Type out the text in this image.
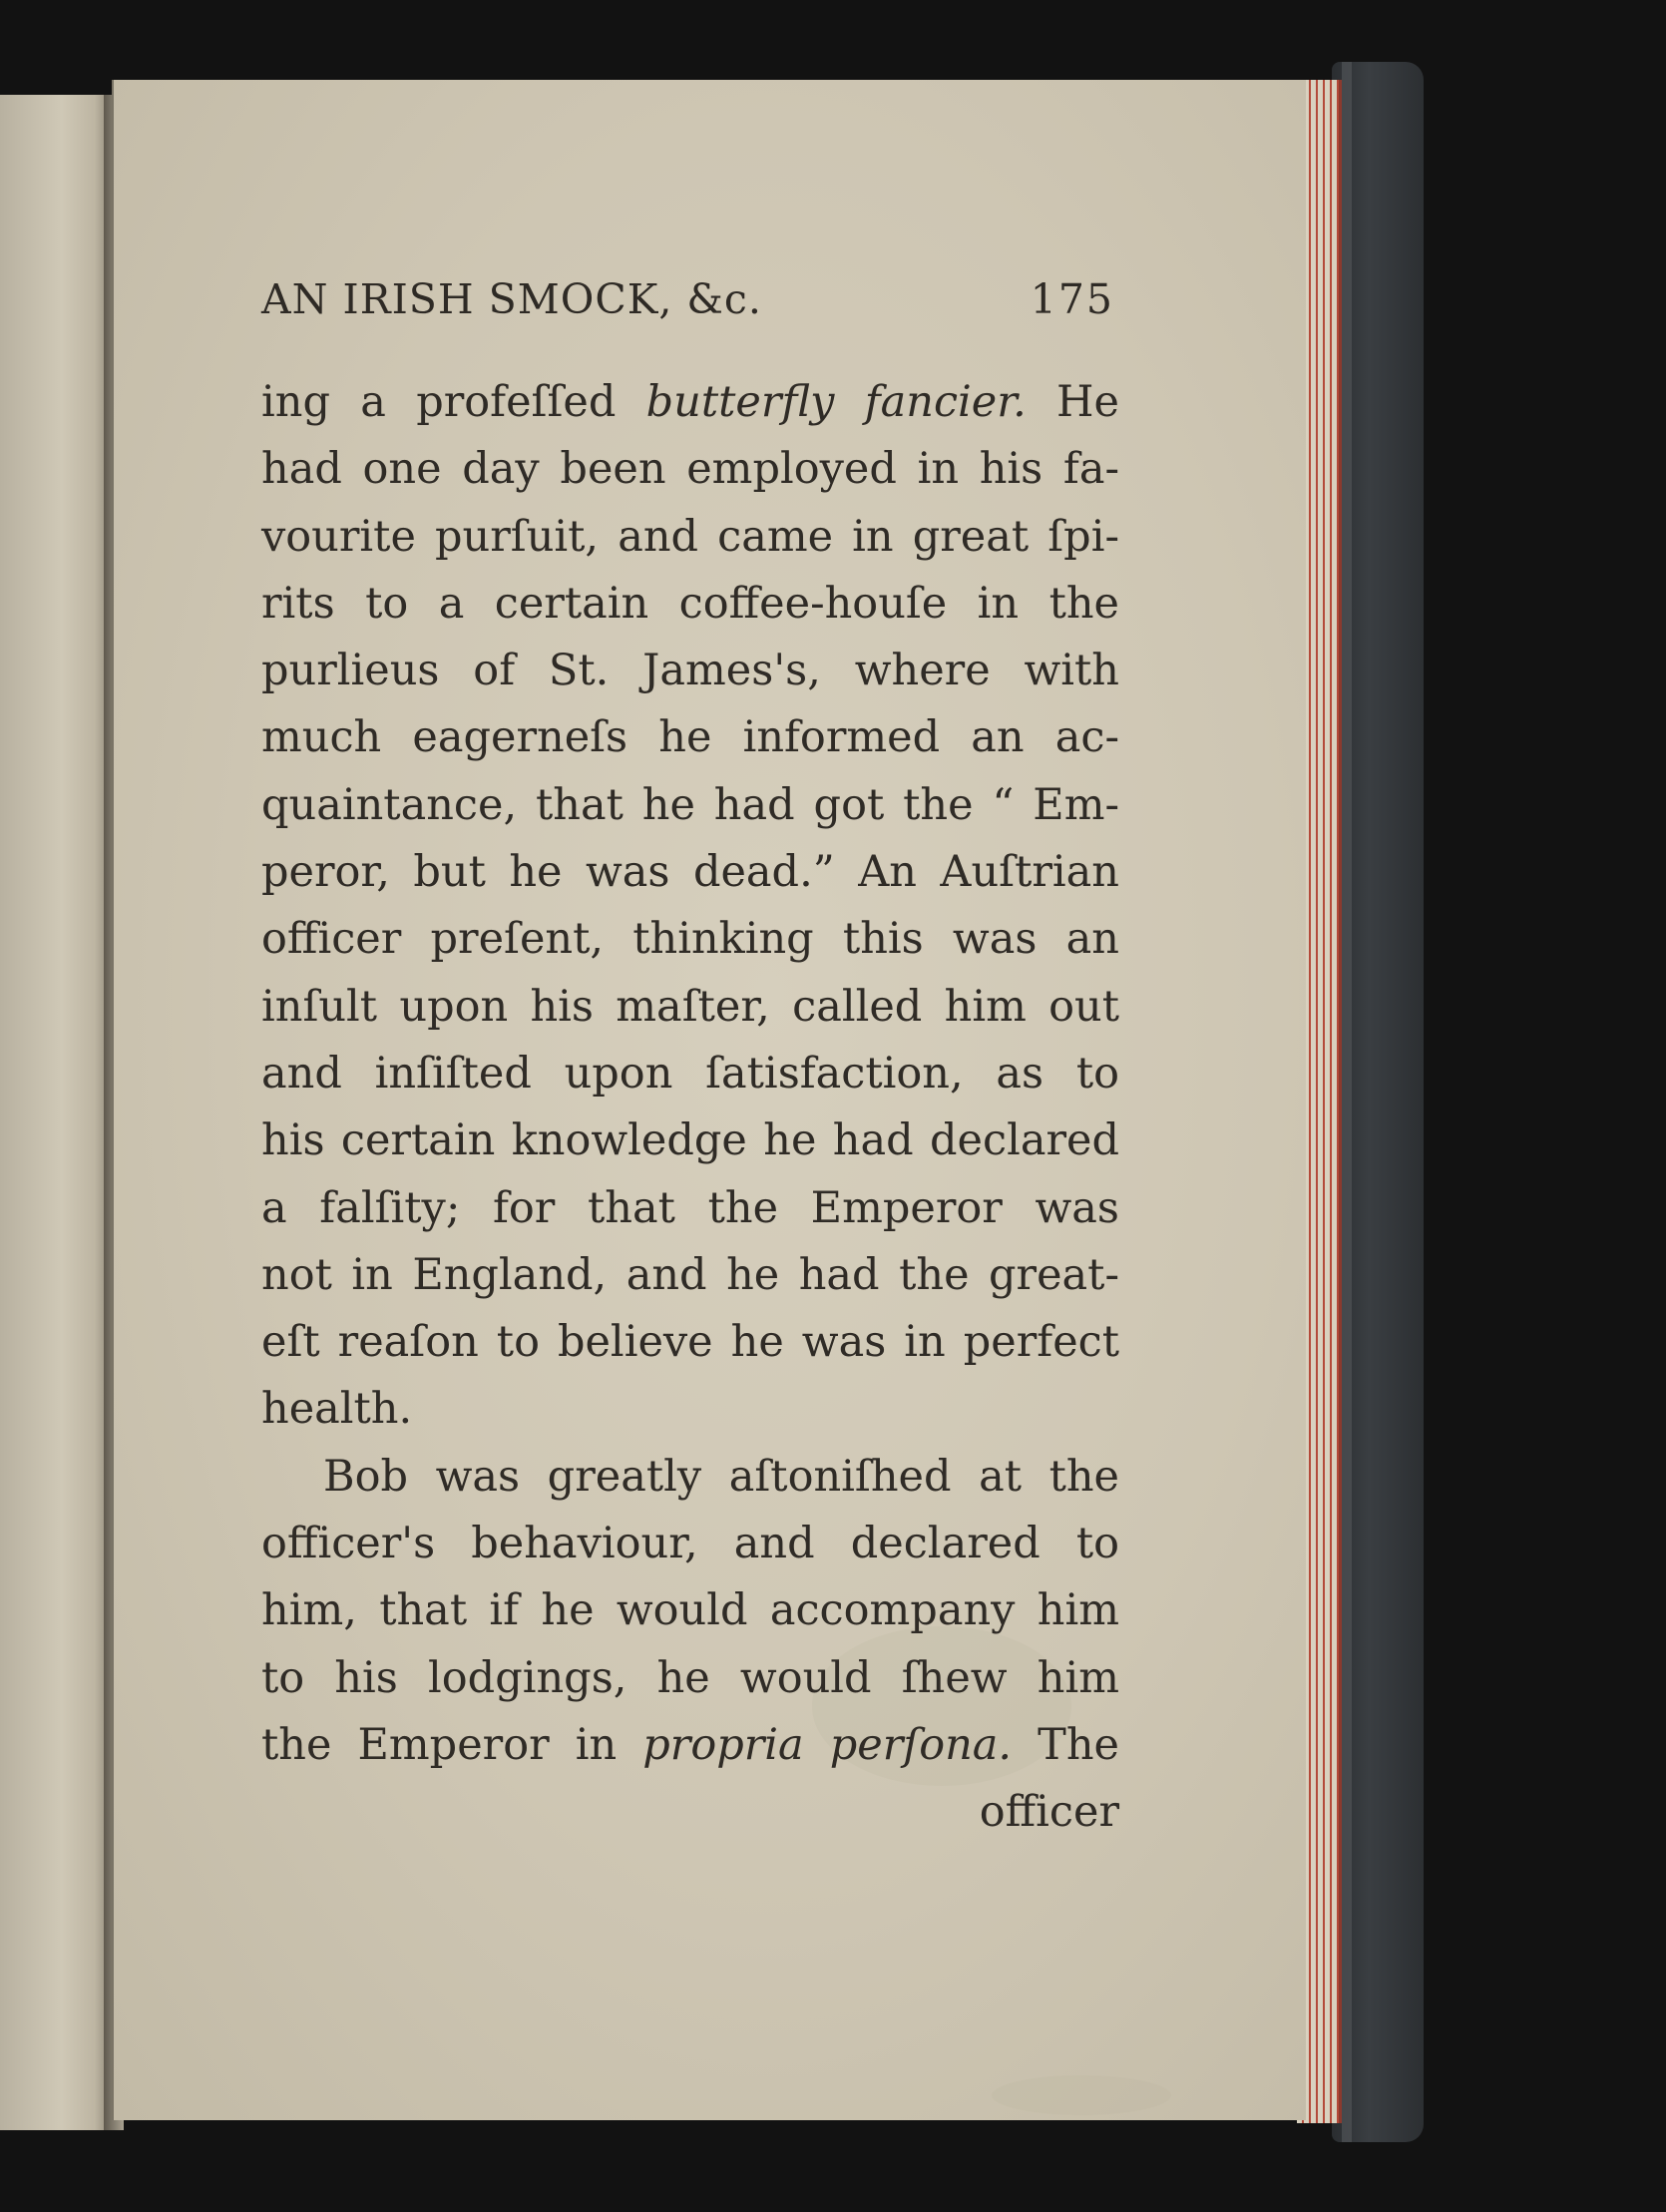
AN IRISH SMOCK, &c.	175
ing a profeſſed butterfly fancier. He
had one day been employed in his fa-
vourite purſuit, and came in great ſpi-
rits to a certain coffee-houſe in the
purlieus of St. James's, where with
much eagerneſs he informed an ac-
quaintance, that he had got the “ Em-
peror, but he was dead.” An Auſtrian
officer preſent, thinking this was an
inſult upon his maſter, called him out
and inſiſted upon ſatisfaction, as to
his certain knowledge he had declared
a falſity; for that the Emperor was
not in England, and he had the great-
eſt reaſon to believe he was in perfect
health.
Bob was greatly aſtoniſhed at the
officer's behaviour, and declared to
him, that if he would accompany him
to his lodgings, he would ſhew him
the Emperor in propria perſona. The
officer
